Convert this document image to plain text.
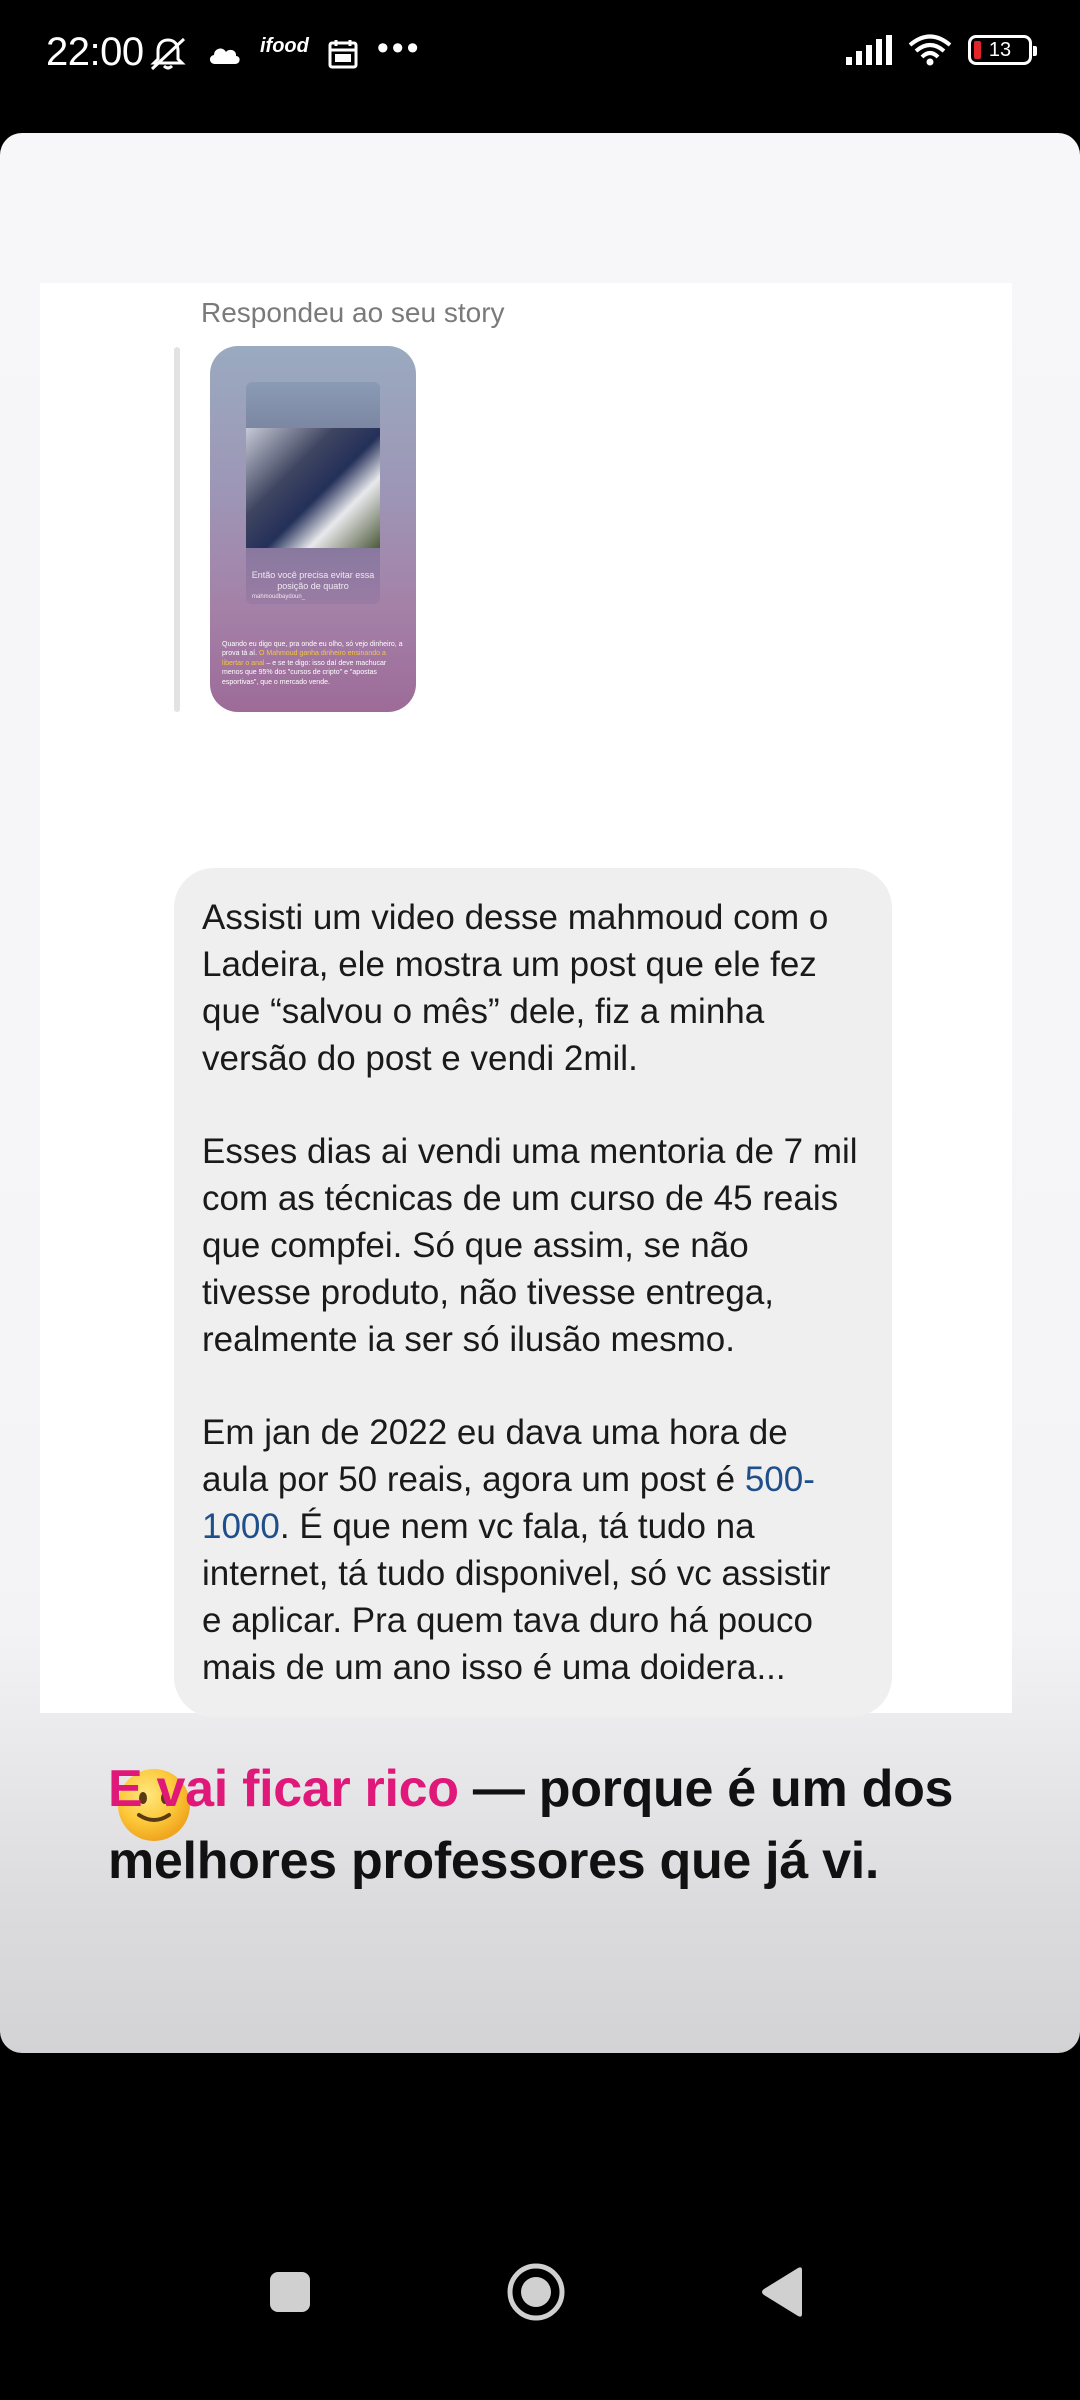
22:00	ifood •••	13
Respondeu ao seu story
Então você precisa evitar essa posição de quatro
mahmoudbaydoun_
Quando eu digo que, pra onde eu olho, só vejo dinheiro, a prova tá aí. O Mahmoud ganha dinheiro ensinando a libertar o anal – e se te digo: isso daí deve machucar menos que 95% dos "cursos de cripto" e "apostas esportivas", que o mercado vende.

Assisti um video desse mahmoud com o Ladeira, ele mostra um post que ele fez que “salvou o mês” dele, fiz a minha versão do post e vendi 2mil.

Esses dias ai vendi uma mentoria de 7 mil com as técnicas de um curso de 45 reais que compfei. Só que assim, se não tivesse produto, não tivesse entrega, realmente ia ser só ilusão mesmo.

Em jan de 2022 eu dava uma hora de aula por 50 reais, agora um post é 500-1000. É que nem vc fala, tá tudo na internet, tá tudo disponivel, só vc assistir e aplicar. Pra quem tava duro há pouco mais de um ano isso é uma doidera...

E vai ficar rico — porque é um dos melhores professores que já vi.
